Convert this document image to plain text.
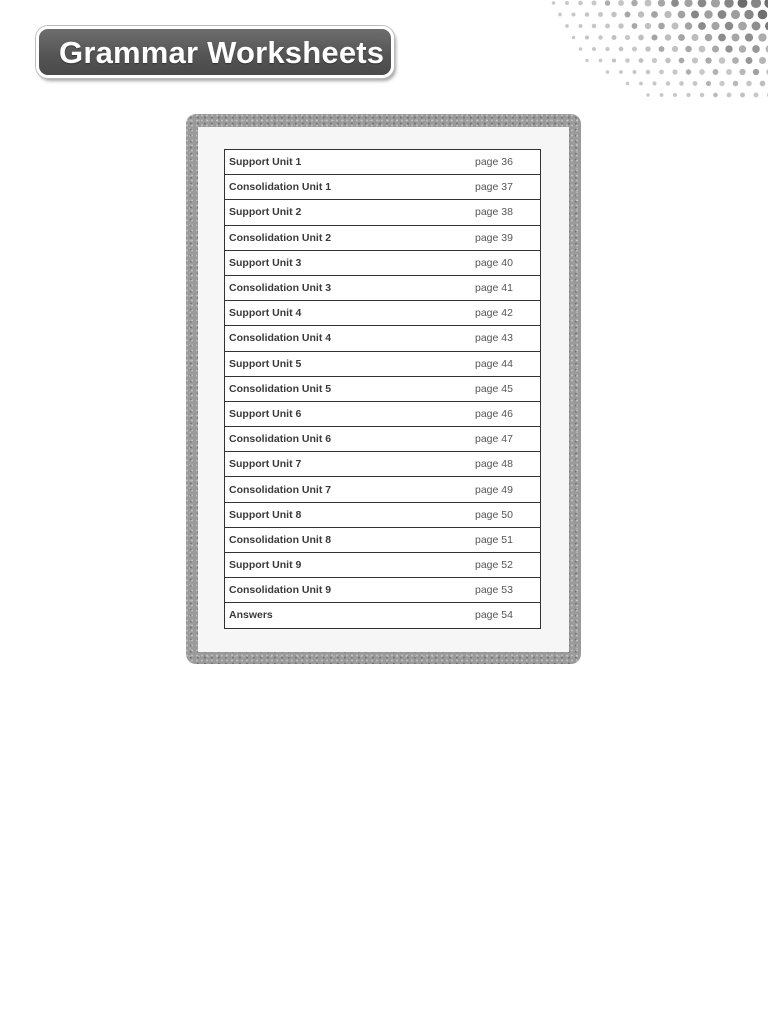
Grammar Worksheets
Support Unit 1	page 36
Consolidation Unit 1	page 37
Support Unit 2	page 38
Consolidation Unit 2	page 39
Support Unit 3	page 40
Consolidation Unit 3	page 41
Support Unit 4	page 42
Consolidation Unit 4	page 43
Support Unit 5	page 44
Consolidation Unit 5	page 45
Support Unit 6	page 46
Consolidation Unit 6	page 47
Support Unit 7	page 48
Consolidation Unit 7	page 49
Support Unit 8	page 50
Consolidation Unit 8	page 51
Support Unit 9	page 52
Consolidation Unit 9	page 53
Answers	page 54
